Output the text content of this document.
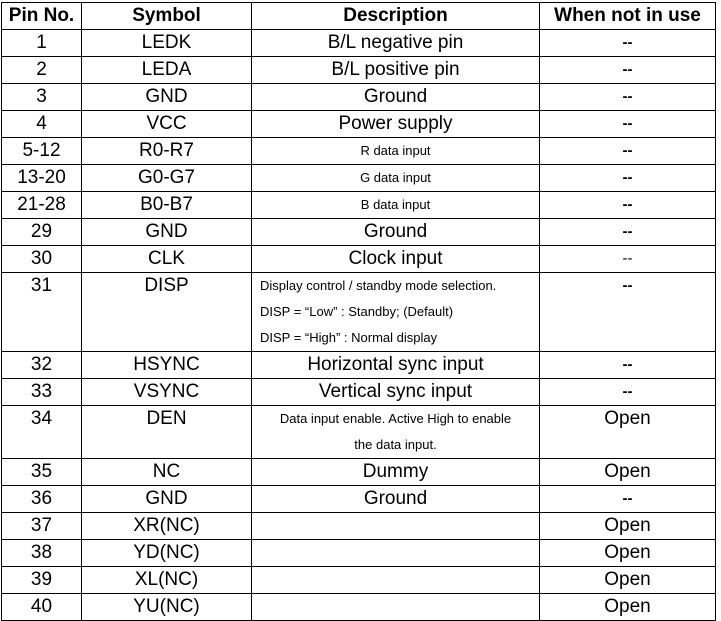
Pin No.	Symbol	Description	When not in use
1	LEDK	B/L negative pin	--
2	LEDA	B/L positive pin	--
3	GND	Ground	--
4	VCC	Power supply	--
5-12	R0-R7	R data input	--
13-20	G0-G7	G data input	--
21-28	B0-B7	B data input	--
29	GND	Ground	--
30	CLK	Clock input	--
31	DISP	Display control / standby mode selection.
DISP = “Low” : Standby; (Default)
DISP = “High” : Normal display	--
32	HSYNC	Horizontal sync input	--
33	VSYNC	Vertical sync input	--
34	DEN	Data input enable. Active High to enable
the data input.	Open
35	NC	Dummy	Open
36	GND	Ground	--
37	XR(NC)		Open
38	YD(NC)		Open
39	XL(NC)		Open
40	YU(NC)		Open
